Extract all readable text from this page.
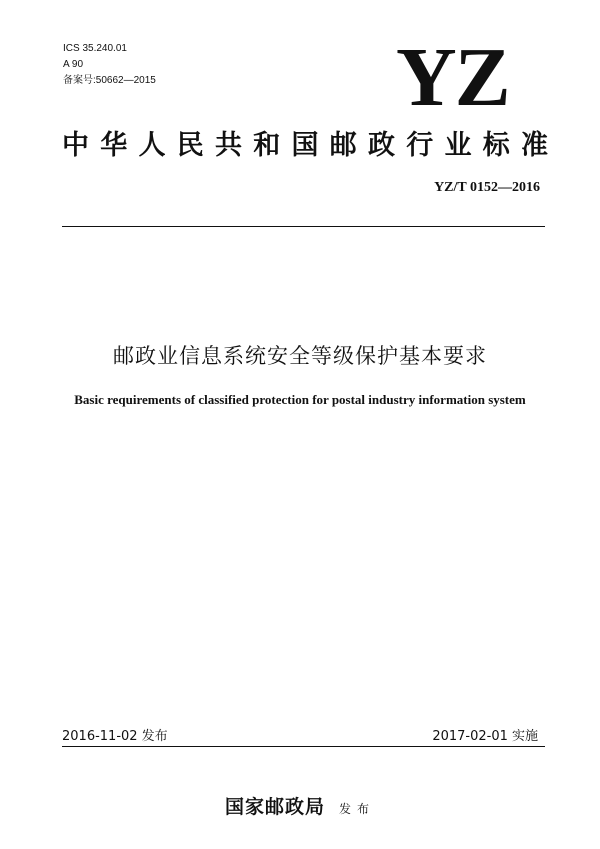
ICS 35.240.01
A 90
备案号:50662—2015	YZ
中华人民共和国邮政行业标准
YZ/T 0152—2016
邮政业信息系统安全等级保护基本要求
Basic requirements of classified protection for postal industry information system
2016-11-02 发布	2017-02-01 实施
国家邮政局 发布
